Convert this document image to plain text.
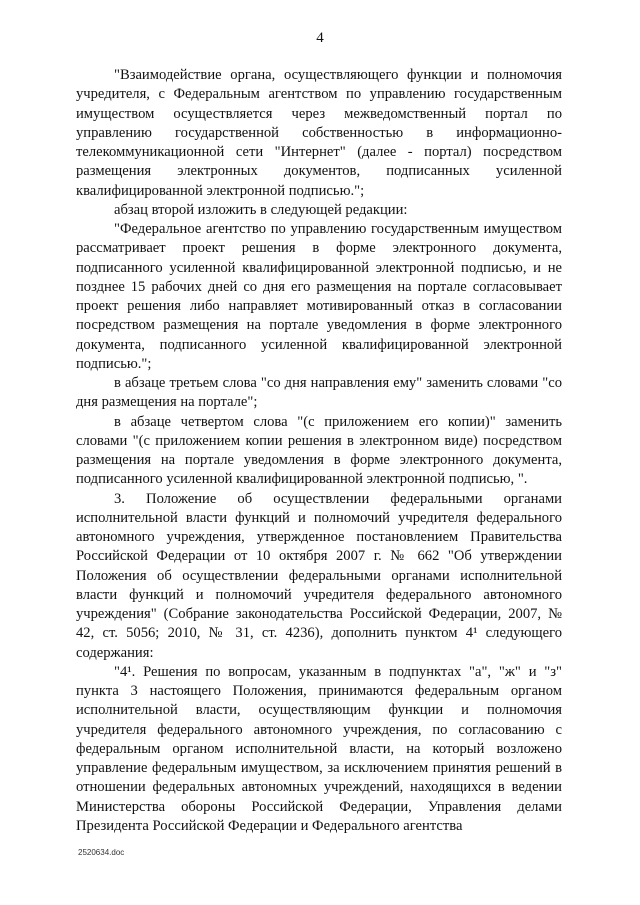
4

"Взаимодействие органа, осуществляющего функции и полномочия учредителя, с Федеральным агентством по управлению государственным имуществом осуществляется через межведомственный портал по управлению государственной собственностью в информационно-телекоммуникационной сети "Интернет" (далее - портал) посредством размещения электронных документов, подписанных усиленной квалифицированной электронной подписью.";

абзац второй изложить в следующей редакции:

"Федеральное агентство по управлению государственным имуществом рассматривает проект решения в форме электронного документа, подписанного усиленной квалифицированной электронной подписью, и не позднее 15 рабочих дней со дня его размещения на портале согласовывает проект решения либо направляет мотивированный отказ в согласовании посредством размещения на портале уведомления в форме электронного документа, подписанного усиленной квалифицированной электронной подписью.";

в абзаце третьем слова "со дня направления ему" заменить словами "со дня размещения на портале";

в абзаце четвертом слова "(с приложением его копии)" заменить словами "(с приложением копии решения в электронном виде) посредством размещения на портале уведомления в форме электронного документа, подписанного усиленной квалифицированной электронной подписью, ".

3. Положение об осуществлении федеральными органами исполнительной власти функций и полномочий учредителя федерального автономного учреждения, утвержденное постановлением Правительства Российской Федерации от 10 октября 2007 г. № 662 "Об утверждении Положения об осуществлении федеральными органами исполнительной власти функций и полномочий учредителя федерального автономного учреждения" (Собрание законодательства Российской Федерации, 2007, № 42, ст. 5056; 2010, № 31, ст. 4236), дополнить пунктом 4¹ следующего содержания:

"4¹. Решения по вопросам, указанным в подпунктах "а", "ж" и "з" пункта 3 настоящего Положения, принимаются федеральным органом исполнительной власти, осуществляющим функции и полномочия учредителя федерального автономного учреждения, по согласованию с федеральным органом исполнительной власти, на который возложено управление федеральным имуществом, за исключением принятия решений в отношении федеральных автономных учреждений, находящихся в ведении Министерства обороны Российской Федерации, Управления делами Президента Российской Федерации и Федерального агентства

2520634.doc
